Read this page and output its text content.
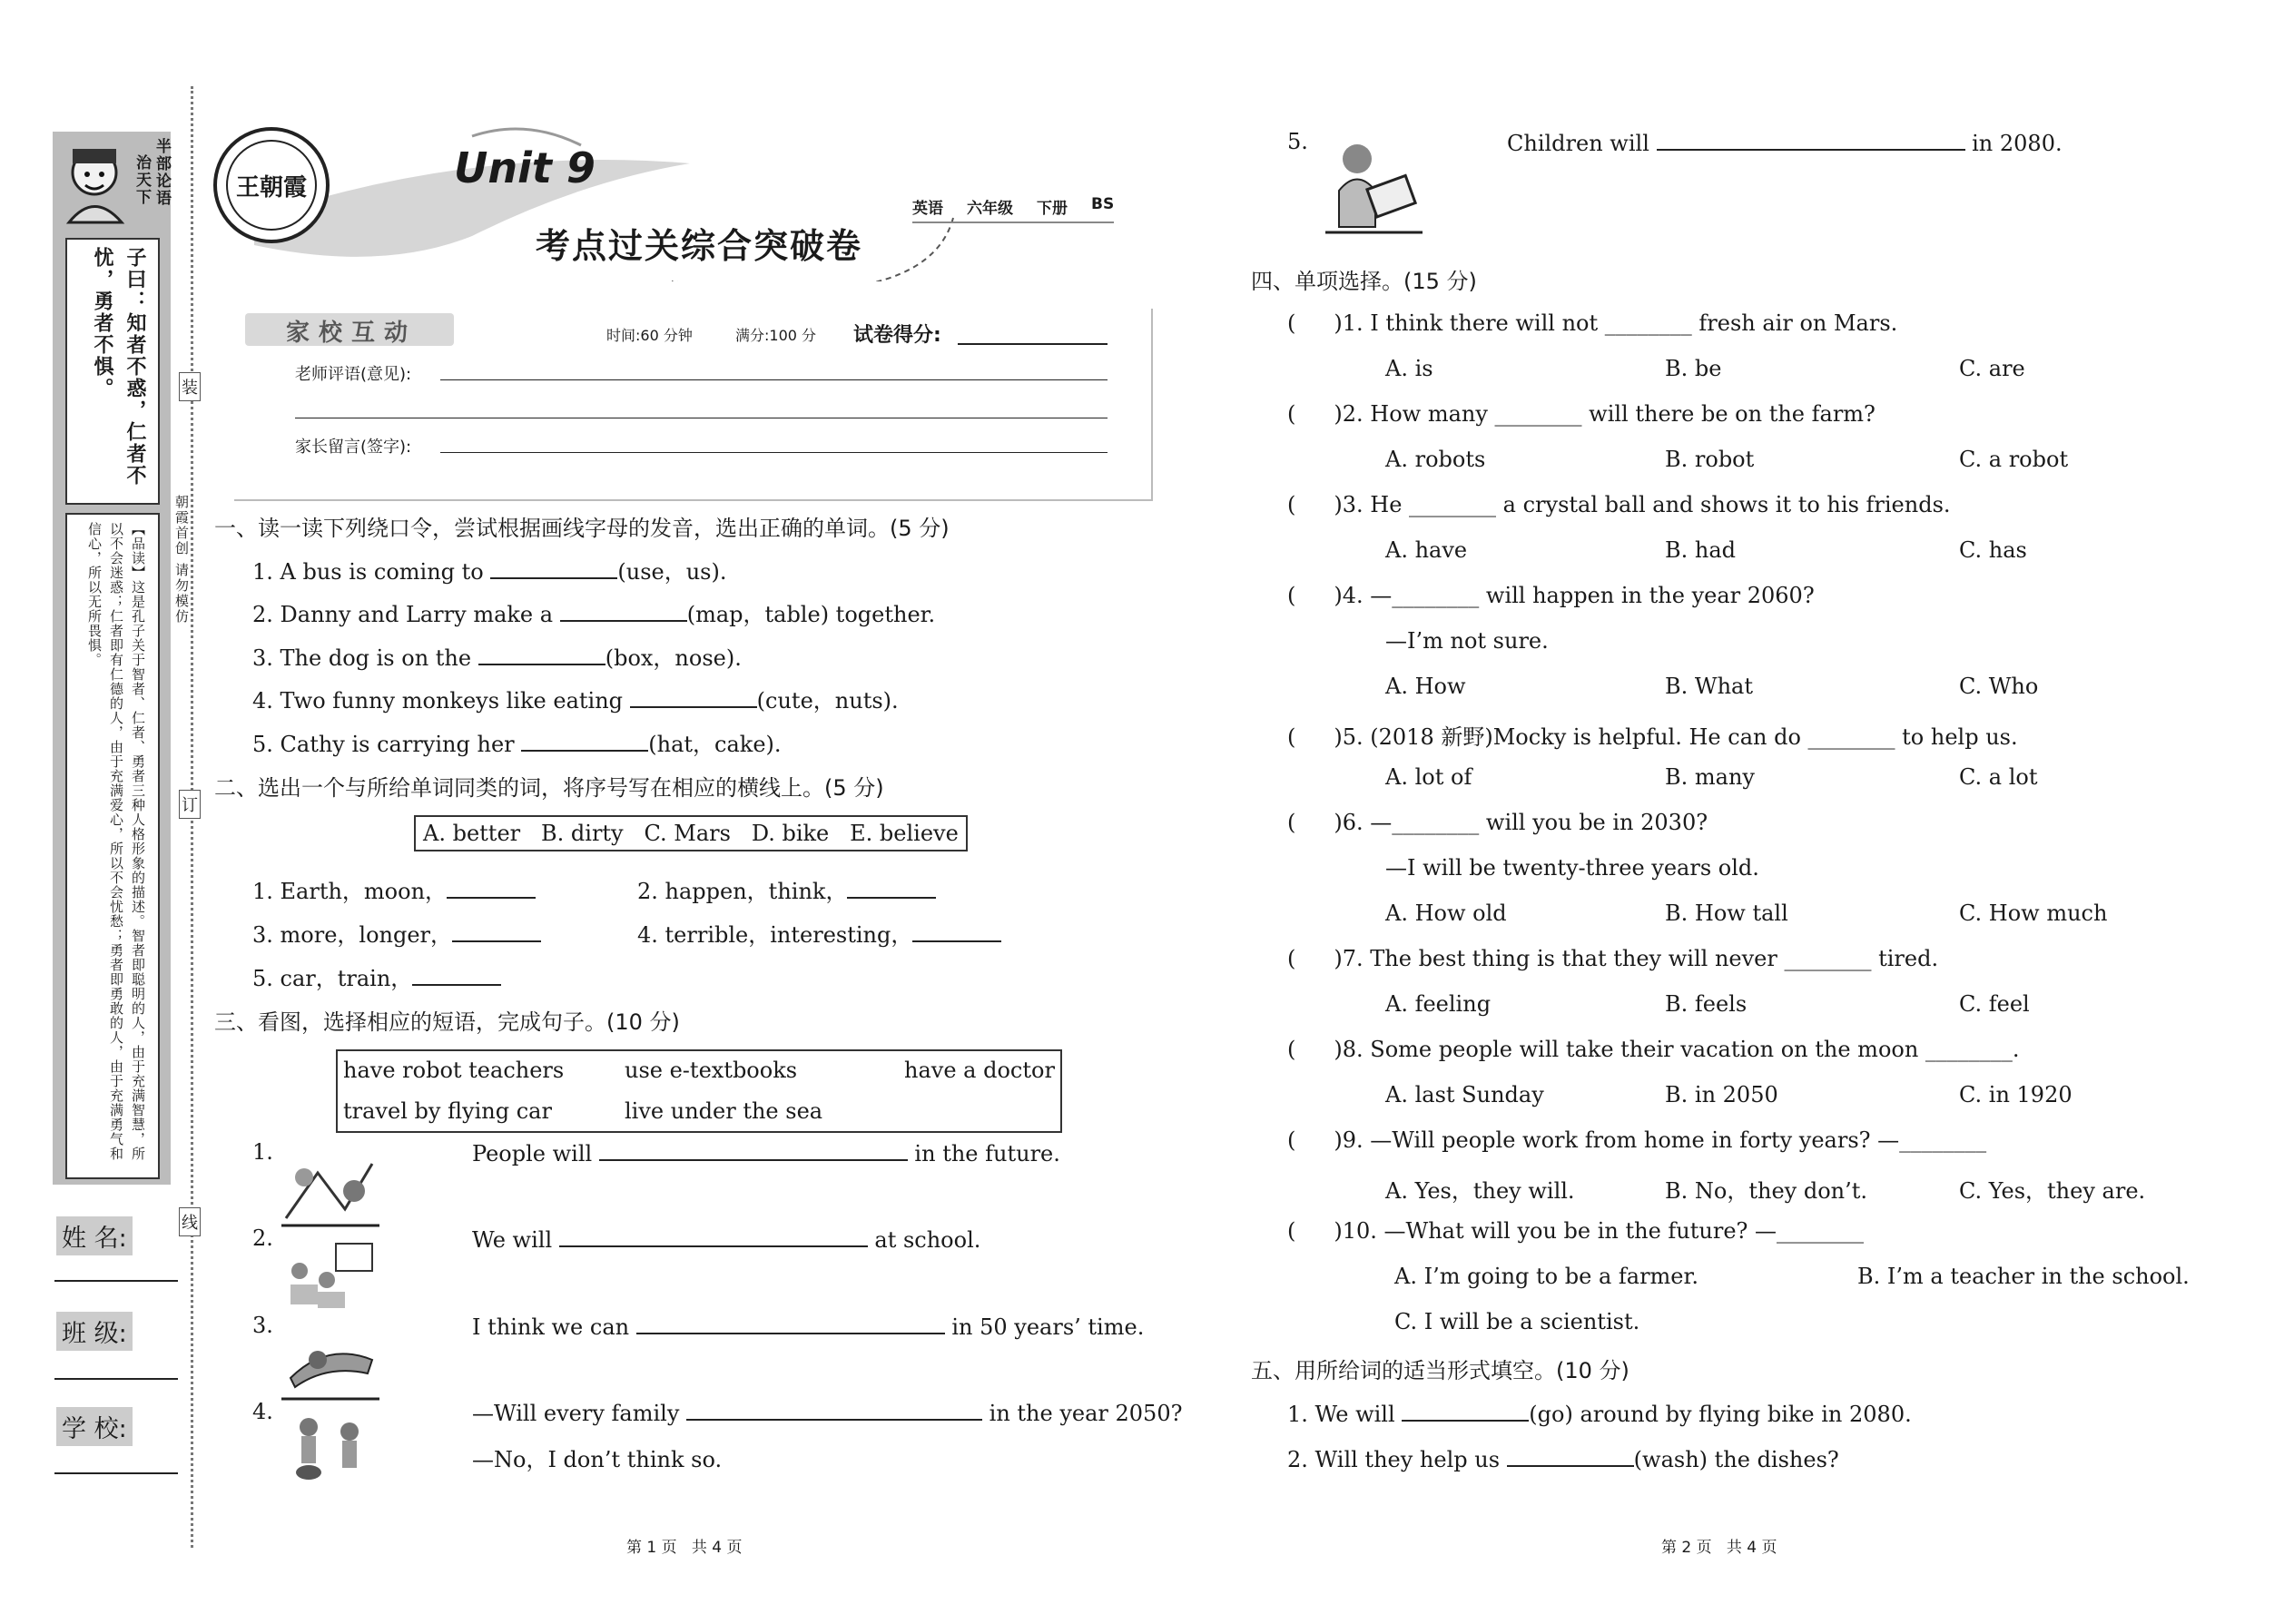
半部论语
治天下
子曰：知者不惑，仁者不忧，勇者不惧。
【品读】这是孔子关于智者、仁者、勇者三种人格形象的描述。智者即聪明的人，由于充满智慧，所以不会迷惑；仁者即有仁德的人，由于充满爱心，所以不会忧愁；勇者即勇敢的人，由于充满勇气和信心，所以无所畏惧。
姓 名:
班 级:
学 校:
装
订
线
朝霞首创 请勿模仿
王朝霞	Unit 9
考点过关综合突破卷
英语 六年级 下册 BS
家校互动	时间:60 分钟	满分:100 分 试卷得分:
老师评语(意见):
家长留言(签字):
一、读一读下列绕口令，尝试根据画线字母的发音，选出正确的单词。(5 分)
1. A bus is coming to	(use，us).
2. Danny and Larry make a	(map，table) together.
3. The dog is on the	(box，nose).
4. Two funny monkeys like eating	(cute，nuts).
5. Cathy is carrying her	(hat，cake).
二、选出一个与所给单词同类的词，将序号写在相应的横线上。(5 分)
A. better   B. dirty   C. Mars   D. bike   E. believe
1. Earth，moon，	2. happen，think，
3. more，longer，	4. terrible，interesting，
5. car，train，
三、看图，选择相应的短语，完成句子。(10 分)
have robot teachers	use e-textbooks	have a doctor
travel by flying car	live under the sea
1.	People will	in the future.
2.	We will	at school.
3.	I think we can	in 50 years’ time.
4.	—Will every family	in the year 2050?
—No，I don’t think so.
第 1 页   共 4 页
5.	Children will	in 2080.
四、单项选择。(15 分)
( )1. I think there will not ________ fresh air on Mars.
A. is	B. be	C. are
( )2. How many ________ will there be on the farm?
A. robots	B. robot	C. a robot
( )3. He ________ a crystal ball and shows it to his friends.
A. have	B. had	C. has
( )4. —________ will happen in the year 2060?
—I’m not sure.
A. How	B. What	C. Who
( )5. (2018 新野)Mocky is helpful. He can do ________ to help us.
A. lot of	B. many	C. a lot
( )6. —________ will you be in 2030?
—I will be twenty-three years old.
A. How old	B. How tall	C. How much
( )7. The best thing is that they will never ________ tired.
A. feeling	B. feels	C. feel
( )8. Some people will take their vacation on the moon ________.
A. last Sunday	B. in 2050	C. in 1920
( )9. —Will people work from home in forty years? —________
A. Yes，they will.	B. No，they don’t.	C. Yes，they are.
( )10. —What will you be in the future? —________
A. I’m going to be a farmer.	B. I’m a teacher in the school.
C. I will be a scientist.
五、用所给词的适当形式填空。(10 分)
1. We will	(go) around by flying bike in 2080.
2. Will they help us	(wash) the dishes?
第 2 页   共 4 页
